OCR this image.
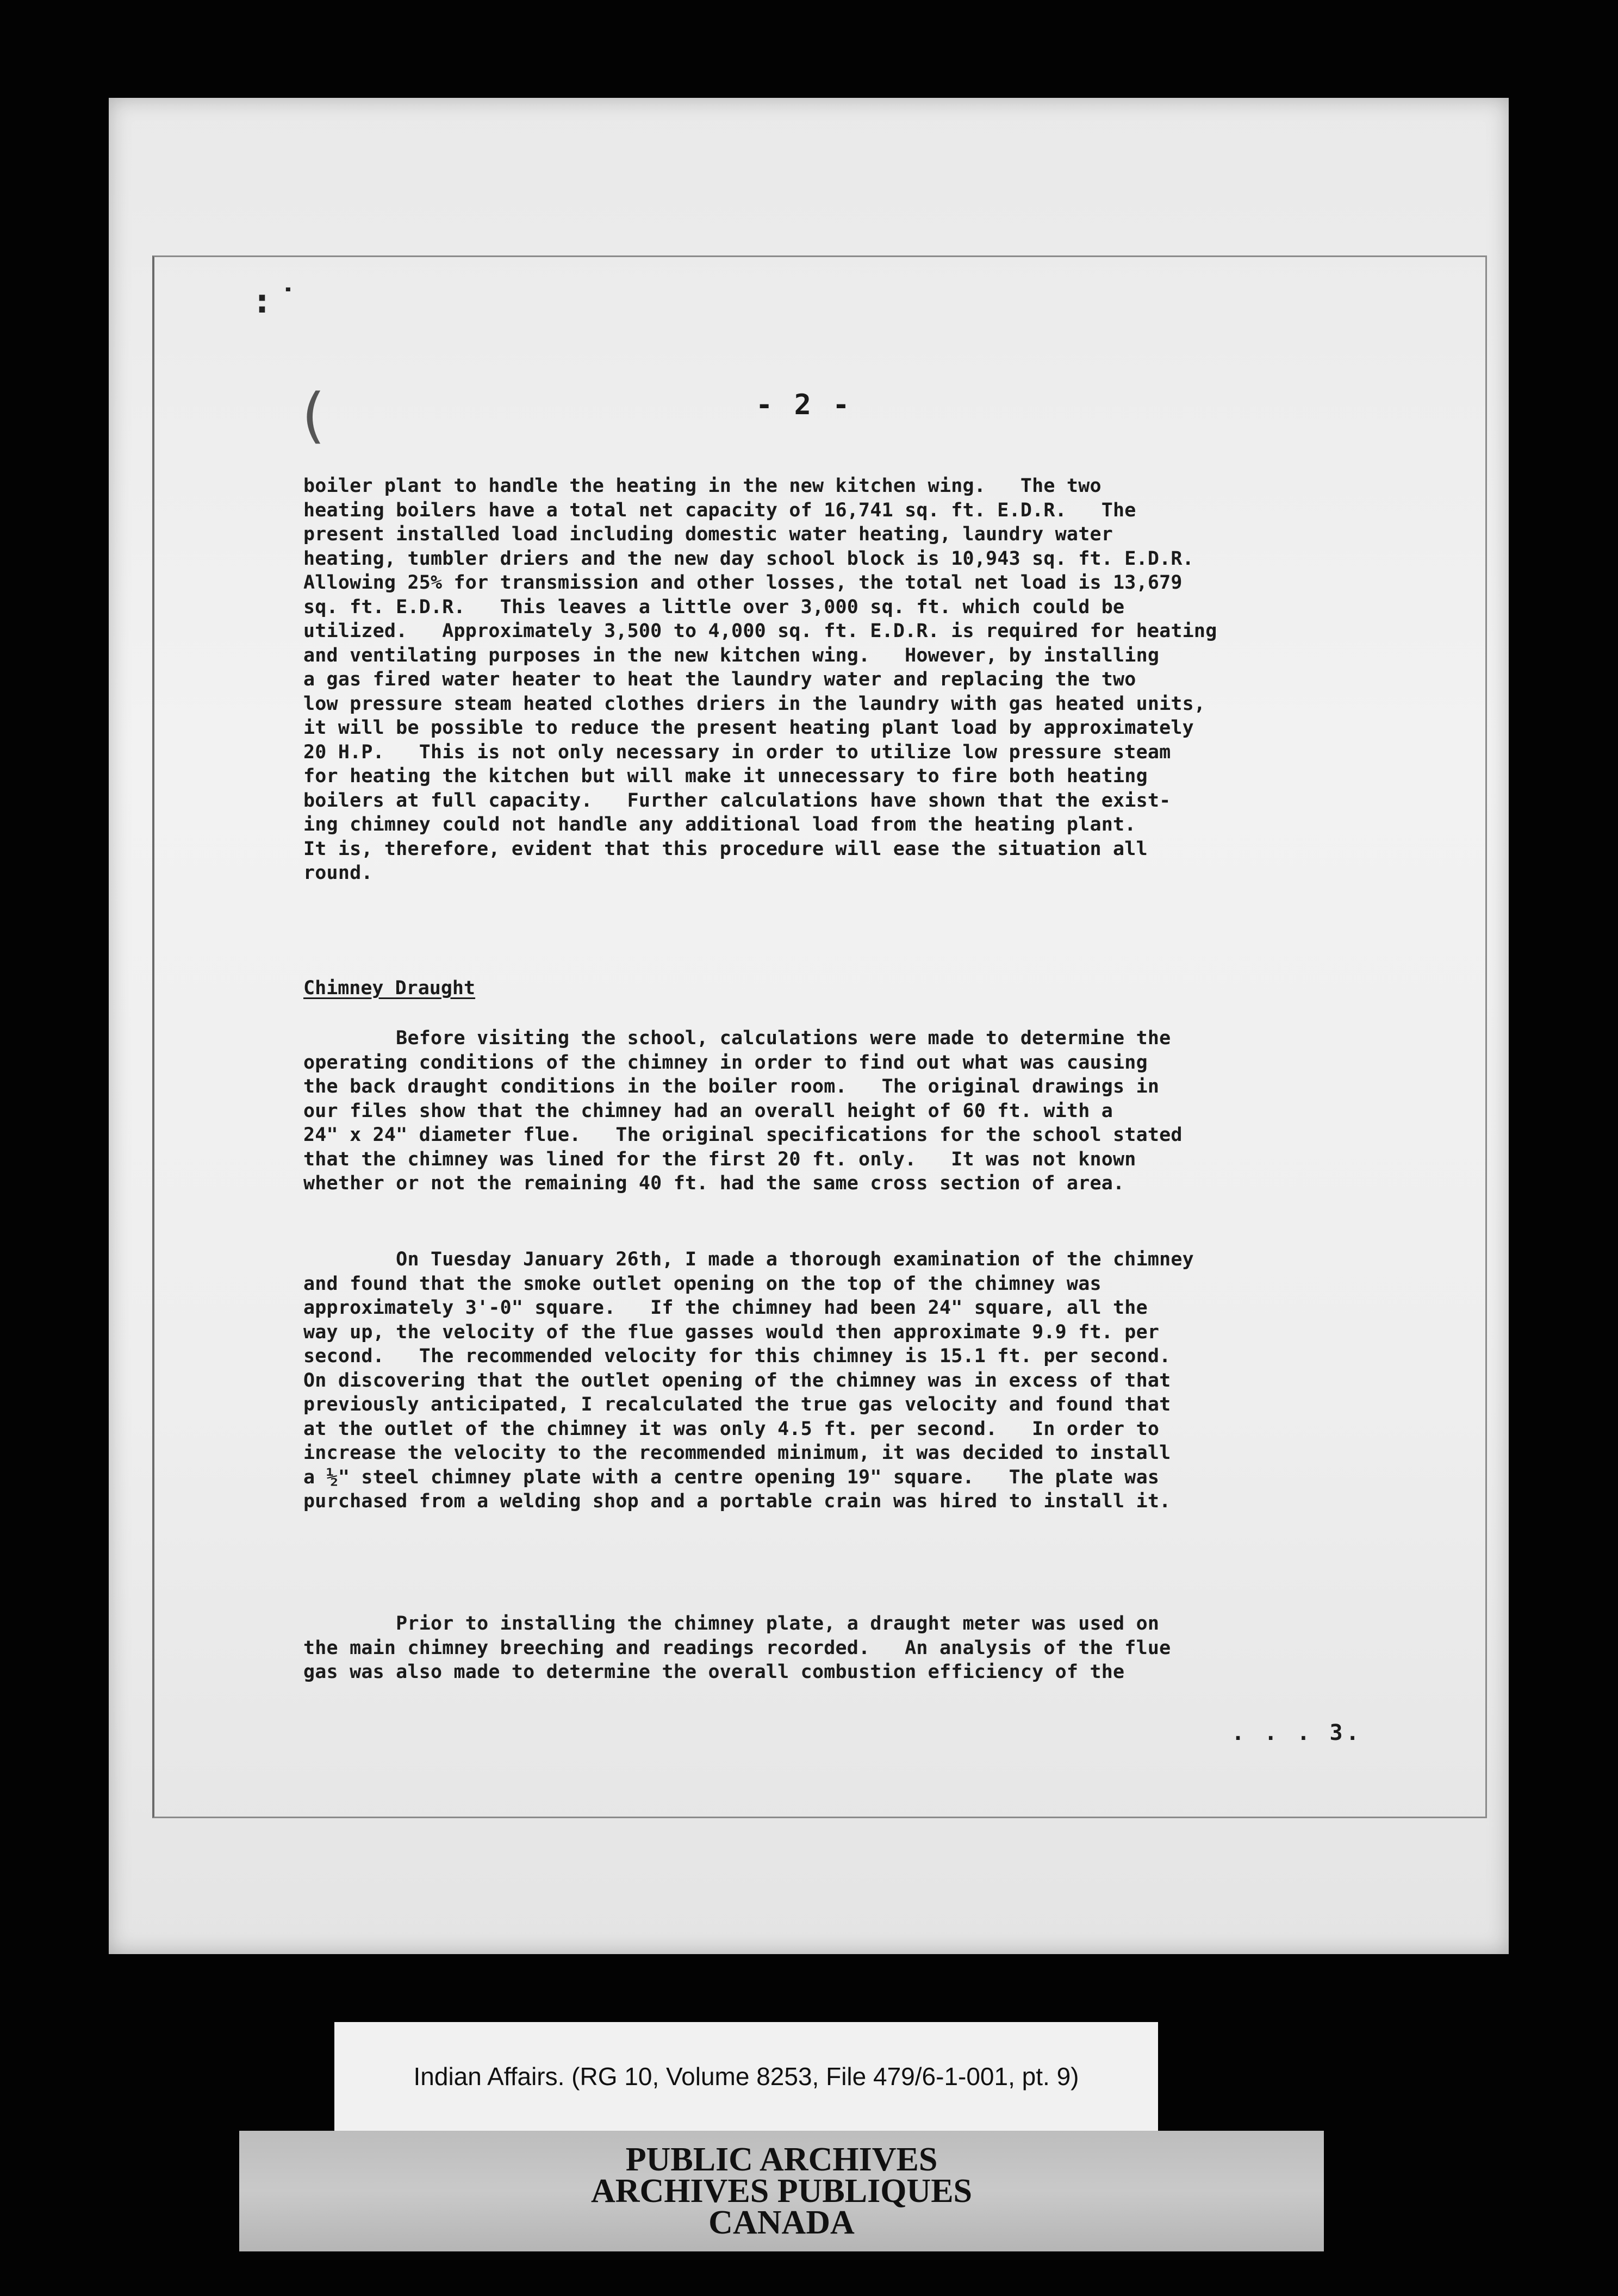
: ˙
(	- 2 -
boiler plant to handle the heating in the new kitchen wing.   The two
heating boilers have a total net capacity of 16,741 sq. ft. E.D.R.   The
present installed load including domestic water heating, laundry water
heating, tumbler driers and the new day school block is 10,943 sq. ft. E.D.R.
Allowing 25% for transmission and other losses, the total net load is 13,679
sq. ft. E.D.R.   This leaves a little over 3,000 sq. ft. which could be
utilized.   Approximately 3,500 to 4,000 sq. ft. E.D.R. is required for heating
and ventilating purposes in the new kitchen wing.   However, by installing
a gas fired water heater to heat the laundry water and replacing the two
low pressure steam heated clothes driers in the laundry with gas heated units,
it will be possible to reduce the present heating plant load by approximately
20 H.P.   This is not only necessary in order to utilize low pressure steam
for heating the kitchen but will make it unnecessary to fire both heating
boilers at full capacity.   Further calculations have shown that the exist-
ing chimney could not handle any additional load from the heating plant.
It is, therefore, evident that this procedure will ease the situation all
round.
Chimney Draught
Before visiting the school, calculations were made to determine the
operating conditions of the chimney in order to find out what was causing
the back draught conditions in the boiler room.   The original drawings in
our files show that the chimney had an overall height of 60 ft. with a
24" x 24" diameter flue.   The original specifications for the school stated
that the chimney was lined for the first 20 ft. only.   It was not known
whether or not the remaining 40 ft. had the same cross section of area.
On Tuesday January 26th, I made a thorough examination of the chimney
and found that the smoke outlet opening on the top of the chimney was
approximately 3'-0" square.   If the chimney had been 24" square, all the
way up, the velocity of the flue gasses would then approximate 9.9 ft. per
second.   The recommended velocity for this chimney is 15.1 ft. per second.
On discovering that the outlet opening of the chimney was in excess of that
previously anticipated, I recalculated the true gas velocity and found that
at the outlet of the chimney it was only 4.5 ft. per second.   In order to
increase the velocity to the recommended minimum, it was decided to install
a ½" steel chimney plate with a centre opening 19" square.   The plate was
purchased from a welding shop and a portable crain was hired to install it.
Prior to installing the chimney plate, a draught meter was used on
the main chimney breeching and readings recorded.   An analysis of the flue
gas was also made to determine the overall combustion efficiency of the
. . . 3.
Indian Affairs. (RG 10, Volume 8253, File 479/6-1-001, pt. 9)
PUBLIC ARCHIVES
ARCHIVES PUBLIQUES
CANADA
